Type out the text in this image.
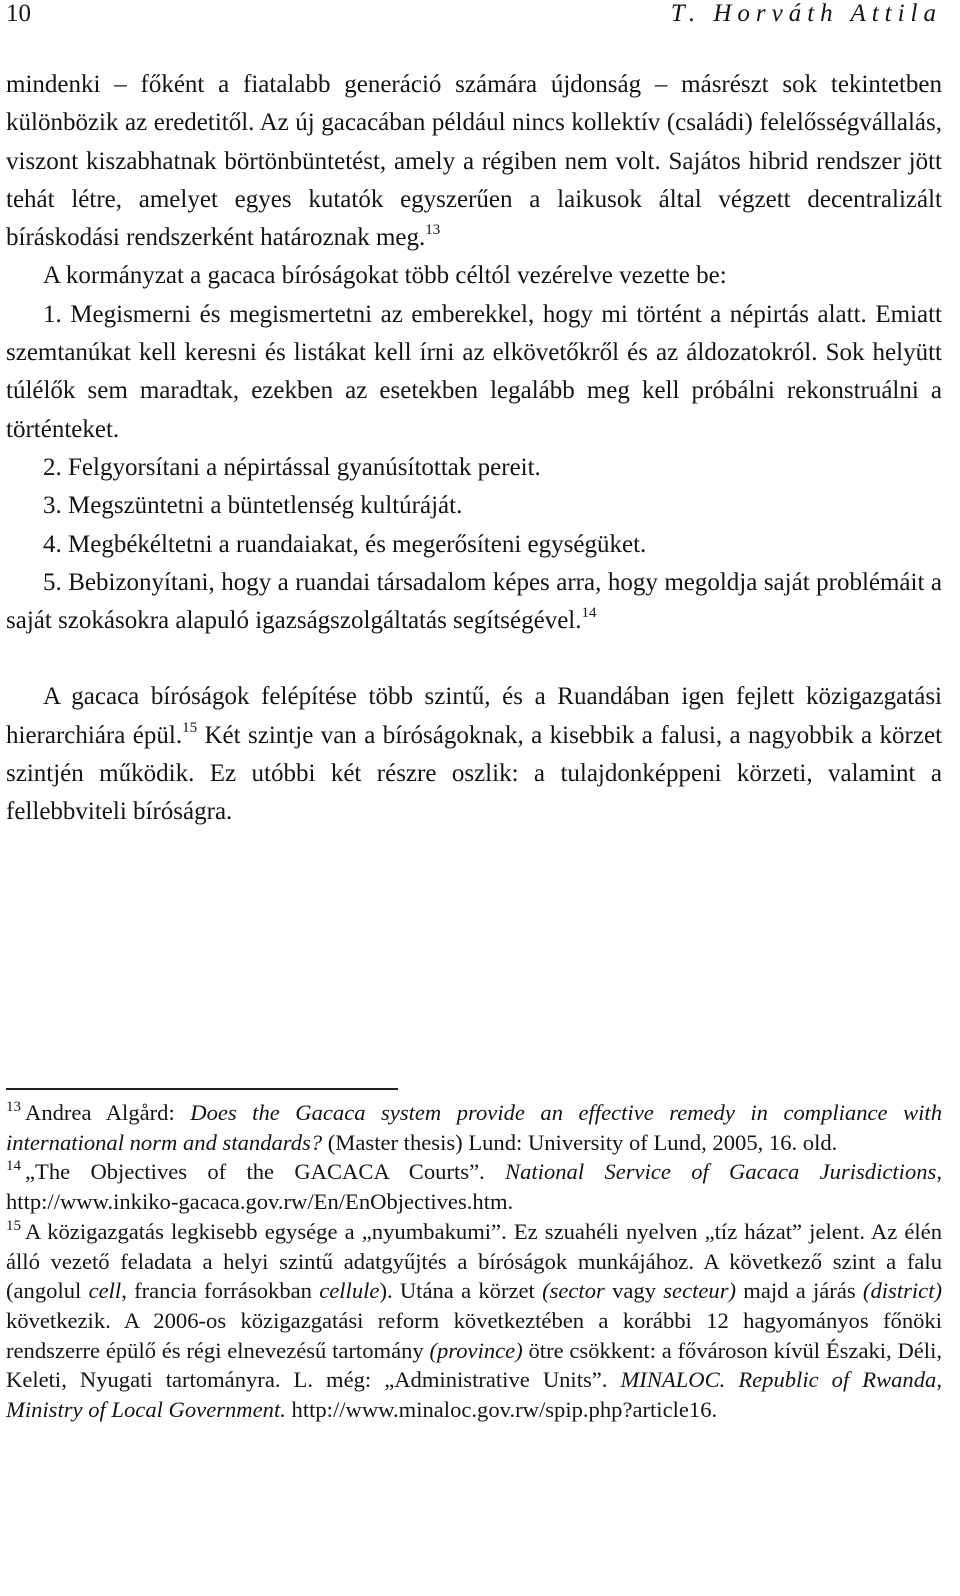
10	T. Horváth Attila

mindenki – főként a fiatalabb generáció számára újdonság – másrészt sok tekintetben különbözik az eredetitől. Az új gacacában például nincs kollektív (családi) felelősségvállalás, viszont kiszabhatnak börtönbüntetést, amely a régiben nem volt. Sajátos hibrid rendszer jött tehát létre, amelyet egyes kutatók egyszerűen a laikusok által végzett decentralizált bíráskodási rendszerként határoznak meg.$^{13}$

A kormányzat a gacaca bíróságokat több céltól vezérelve vezette be:

1. Megismerni és megismertetni az emberekkel, hogy mi történt a népirtás alatt. Emiatt szemtanúkat kell keresni és listákat kell írni az elkövetőkről és az áldozatokról. Sok helyütt túlélők sem maradtak, ezekben az esetekben legalább meg kell próbálni rekonstruálni a történteket.
2. Felgyorsítani a népirtással gyanúsítottak pereit.
3. Megszüntetni a büntetlenség kultúráját.
4. Megbékéltetni a ruandaiakat, és megerősíteni egységüket.
5. Bebizonyítani, hogy a ruandai társadalom képes arra, hogy megoldja saját problémáit a saját szokásokra alapuló igazságszolgáltatás segítségével.$^{14}$

A gacaca bíróságok felépítése több szintű, és a Ruandában igen fejlett közigazgatási hierarchiára épül.$^{15}$ Két szintje van a bíróságoknak, a kisebbik a falusi, a nagyobbik a körzet szintjén működik. Ez utóbbi két részre oszlik: a tulajdonképpeni körzeti, valamint a fellebbviteli bíróságra.

$^{13}$ Andrea Algård: Does the Gacaca system provide an effective remedy in compliance with international norm and standards? (Master thesis) Lund: University of Lund, 2005, 16. old.

$^{14}$ „The Objectives of the GACACA Courts”. National Service of Gacaca Jurisdictions, http://www.inkiko-gacaca.gov.rw/En/EnObjectives.htm.

$^{15}$ A közigazgatás legkisebb egysége a „nyumbakumi”. Ez szuahéli nyelven „tíz házat” jelent. Az élén álló vezető feladata a helyi szintű adatgyűjtés a bíróságok munkájához. A következő szint a falu (angolul cell, francia forrásokban cellule). Utána a körzet (sector vagy secteur) majd a járás (district) következik. A 2006-os közigazgatási reform következtében a korábbi 12 hagyományos főnöki rendszerre épülő és régi elnevezésű tartomány (province) ötre csökkent: a fővároson kívül Északi, Déli, Keleti, Nyugati tartományra. L. még: „Administrative Units”. MINALOC. Republic of Rwanda, Ministry of Local Government. http://www.minaloc.gov.rw/spip.php?article16.
